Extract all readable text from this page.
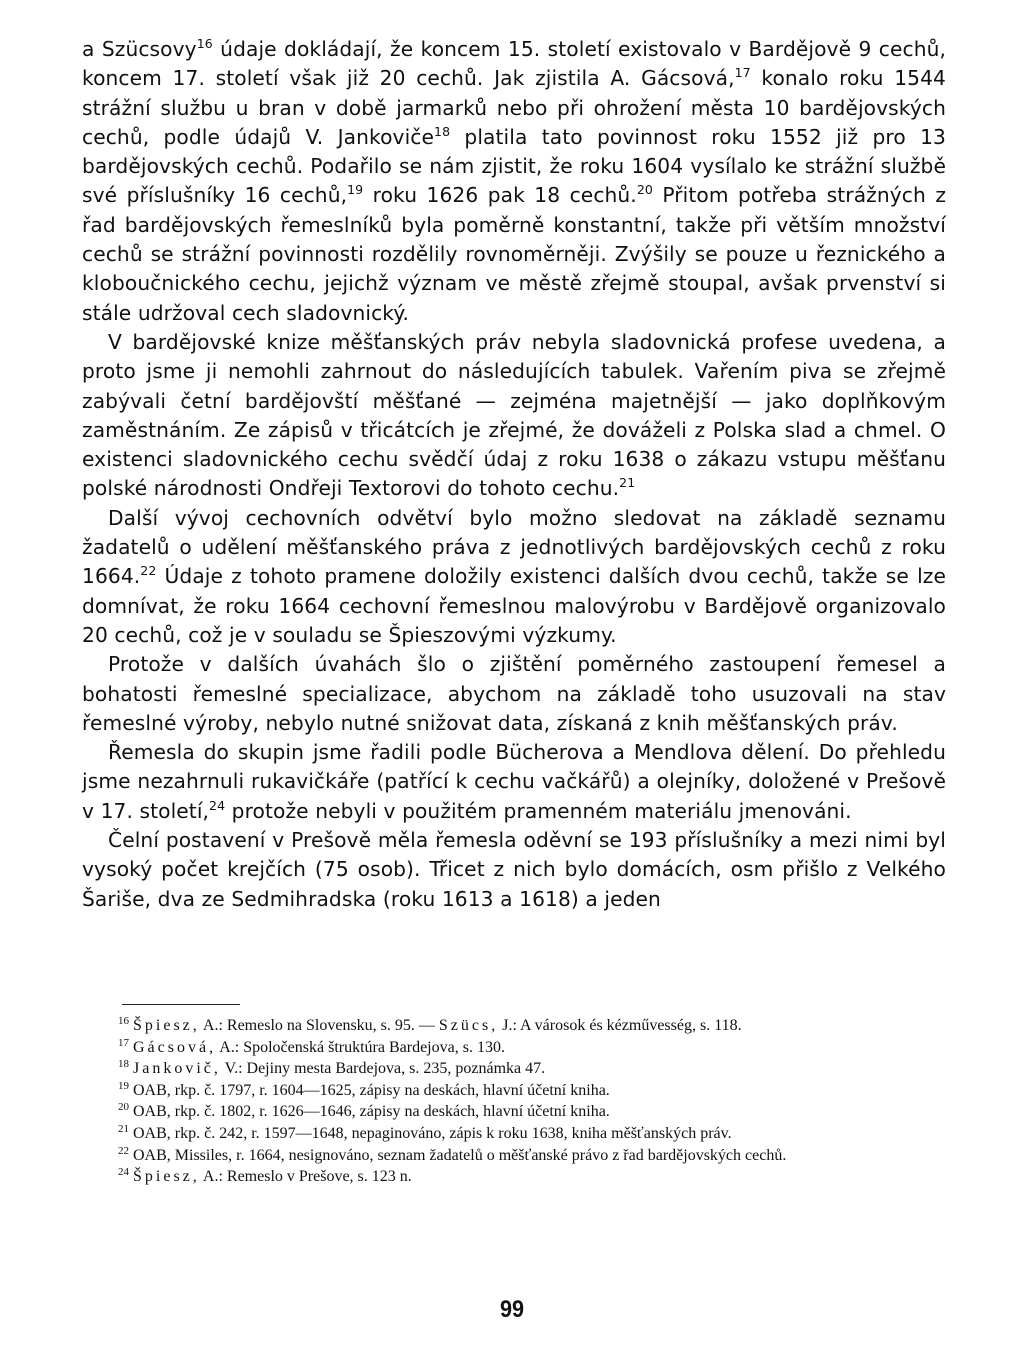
a Szücsovy$^{16}$ údaje dokládají, že koncem 15. století existovalo v Bardějově 9 cechů, koncem 17. století však již 20 cechů. Jak zjistila A. Gácsová,$^{17}$ konalo roku 1544 strážní službu u bran v době jarmarků nebo při ohrožení města 10 bardějovských cechů, podle údajů V. Jankoviče$^{18}$ platila tato povinnost roku 1552 již pro 13 bardějovských cechů. Podařilo se nám zjistit, že roku 1604 vysílalo ke strážní službě své příslušníky 16 cechů,$^{19}$ roku 1626 pak 18 cechů.$^{20}$ Přitom potřeba strážných z řad bardějovských řemeslníků byla poměrně konstantní, takže při větším množství cechů se strážní povinnosti rozdělily rovnoměrněji. Zvýšily se pouze u řeznického a kloboučnického cechu, jejichž význam ve městě zřejmě stoupal, avšak prvenství si stále udržoval cech sladovnický.

V bardějovské knize měšťanských práv nebyla sladovnická profese uvedena, a proto jsme ji nemohli zahrnout do následujících tabulek. Vařením piva se zřejmě zabývali četní bardějovští měšťané — zejména majetnější — jako doplňkovým zaměstnáním. Ze zápisů v třicátcích je zřejmé, že dováželi z Polska slad a chmel. O existenci sladovnického cechu svědčí údaj z roku 1638 o zákazu vstupu měšťanu polské národnosti Ondřeji Textorovi do tohoto cechu.$^{21}$

Další vývoj cechovních odvětví bylo možno sledovat na základě seznamu žadatelů o udělení měšťanského práva z jednotlivých bardějovských cechů z roku 1664.22 Údaje z tohoto pramene doložily existenci dalších dvou cechů, takže se lze domnívat, že roku 1664 cechovní řemeslnou malovýrobu v Bardějově organizovalo 20 cechů, což je v souladu se Špieszovými výzkumy.

Protože v dalších úvahách šlo o zjištění poměrného zastoupení řemesel a bohatosti řemeslné specializace, abychom na základě toho usuzovali na stav řemeslné výroby, nebylo nutné snižovat data, získaná z knih měšťanských práv.

Řemesla do skupin jsme řadili podle Bücherova a Mendlova dělení. Do přehledu jsme nezahrnuli rukavičkáře (patřící k cechu vačkářů) a olejníky, doložené v Prešově v 17. století,$^{24}$ protože nebyli v použitém pramenném materiálu jmenováni.

Čelní postavení v Prešově měla řemesla oděvní se 193 příslušníky a mezi nimi byl vysoký počet krejčích (75 osob). Třicet z nich bylo domácích, osm přišlo z Velkého Šariše, dva ze Sedmihradska (roku 1613 a 1618) a jeden

$^{16}$ Špiesz, A.: Remeslo na Slovensku, s. 95. — Szücs, J.: A városok és kézművesség, s. 118.

$^{17}$ Gácsová, A.: Spoločenská štruktúra Bardejova, s. 130.

$^{18}$ Jankovič, V.: Dejiny mesta Bardejova, s. 235, poznámka 47.

$^{19}$ OAB, rkp. č. 1797, r. 1604—1625, zápisy na deskách, hlavní účetní kniha.

$^{20}$ OAB, rkp. č. 1802, r. 1626—1646, zápisy na deskách, hlavní účetní kniha.

$^{21}$ OAB, rkp. č. 242, r. 1597—1648, nepaginováno, zápis k roku 1638, kniha měšťanských práv.

$^{22}$ OAB, Missiles, r. 1664, nesignováno, seznam žadatelů o měšťanské právo z řad bardějovských cechů.

$^{24}$ Špiesz, A.: Remeslo v Prešove, s. 123 n.

99
